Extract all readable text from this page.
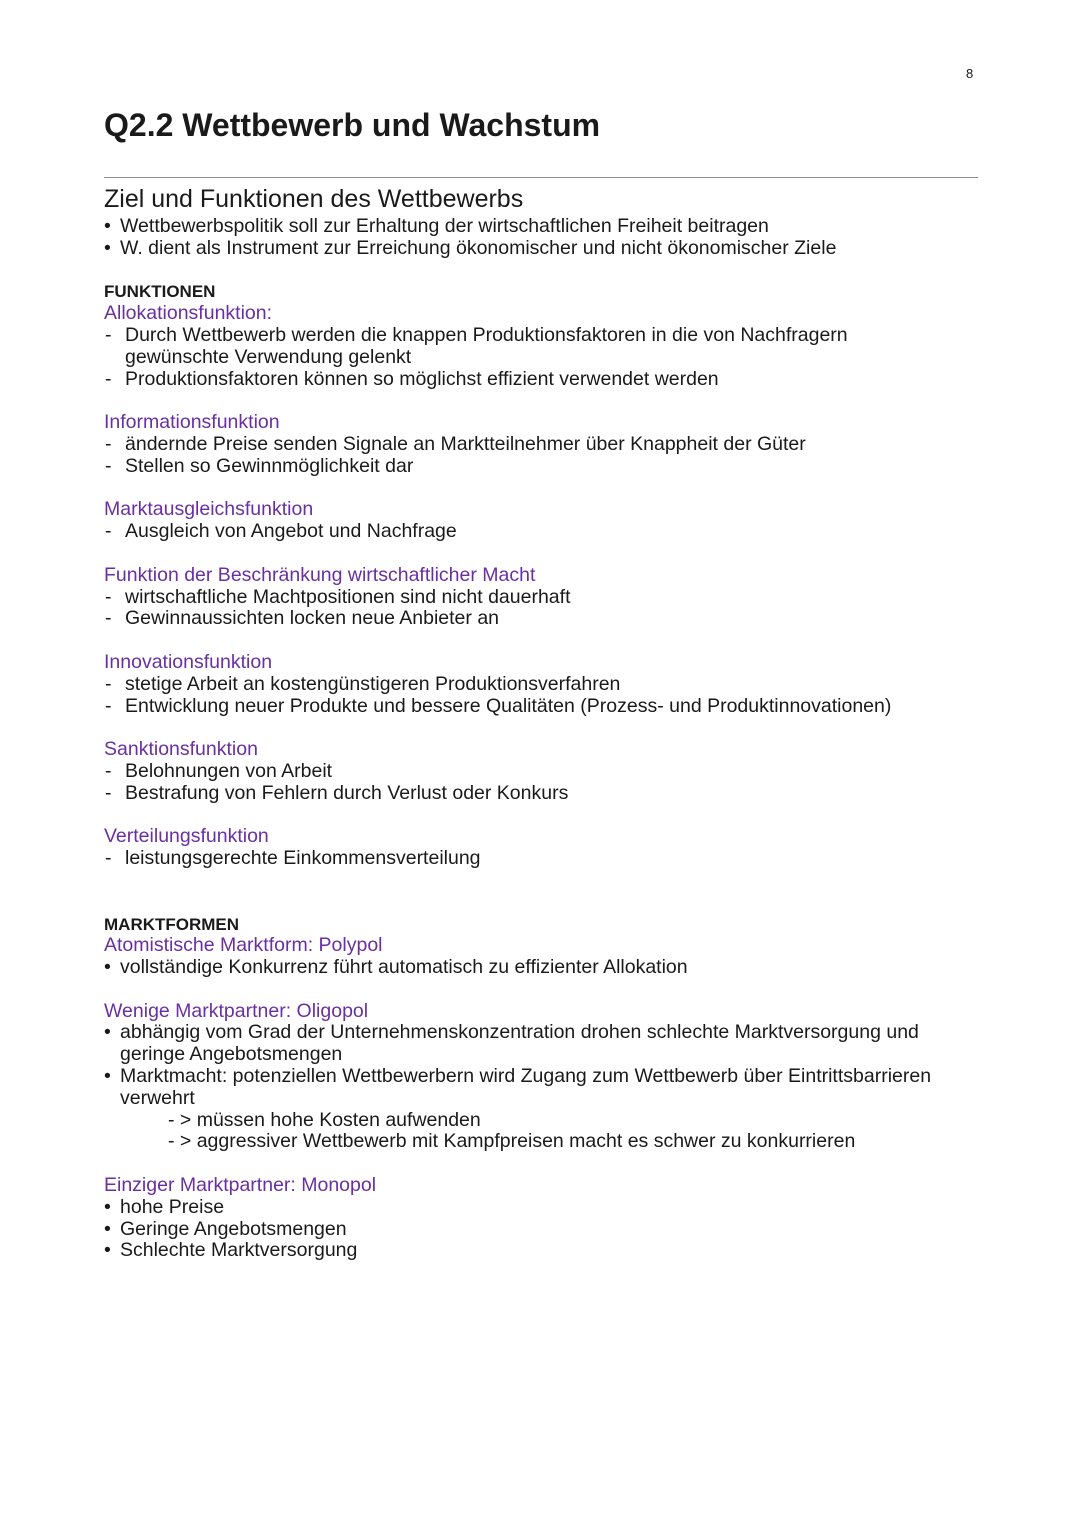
8
Q2.2 Wettbewerb und Wachstum
Ziel und Funktionen des Wettbewerbs
• Wettbewerbspolitik soll zur Erhaltung der wirtschaftlichen Freiheit beitragen
• W. dient als Instrument zur Erreichung ökonomischer und nicht ökonomischer Ziele
FUNKTIONEN
Allokationsfunktion:
- Durch Wettbewerb werden die knappen Produktionsfaktoren in die von Nachfragern
gewünschte Verwendung gelenkt
- Produktionsfaktoren können so möglichst effizient verwendet werden
Informationsfunktion
- ändernde Preise senden Signale an Marktteilnehmer über Knappheit der Güter
- Stellen so Gewinnmöglichkeit dar
Marktausgleichsfunktion
- Ausgleich von Angebot und Nachfrage
Funktion der Beschränkung wirtschaftlicher Macht
- wirtschaftliche Machtpositionen sind nicht dauerhaft
- Gewinnaussichten locken neue Anbieter an
Innovationsfunktion
- stetige Arbeit an kostengünstigeren Produktionsverfahren
- Entwicklung neuer Produkte und bessere Qualitäten (Prozess- und Produktinnovationen)
Sanktionsfunktion
- Belohnungen von Arbeit
- Bestrafung von Fehlern durch Verlust oder Konkurs
Verteilungsfunktion
- leistungsgerechte Einkommensverteilung
MARKTFORMEN
Atomistische Marktform: Polypol
• vollständige Konkurrenz führt automatisch zu effizienter Allokation
Wenige Marktpartner: Oligopol
• abhängig vom Grad der Unternehmenskonzentration drohen schlechte Marktversorgung und
geringe Angebotsmengen
• Marktmacht: potenziellen Wettbewerbern wird Zugang zum Wettbewerb über Eintrittsbarrieren
verwehrt
- > müssen hohe Kosten aufwenden
- > aggressiver Wettbewerb mit Kampfpreisen macht es schwer zu konkurrieren
Einziger Marktpartner: Monopol
• hohe Preise
• Geringe Angebotsmengen
• Schlechte Marktversorgung
